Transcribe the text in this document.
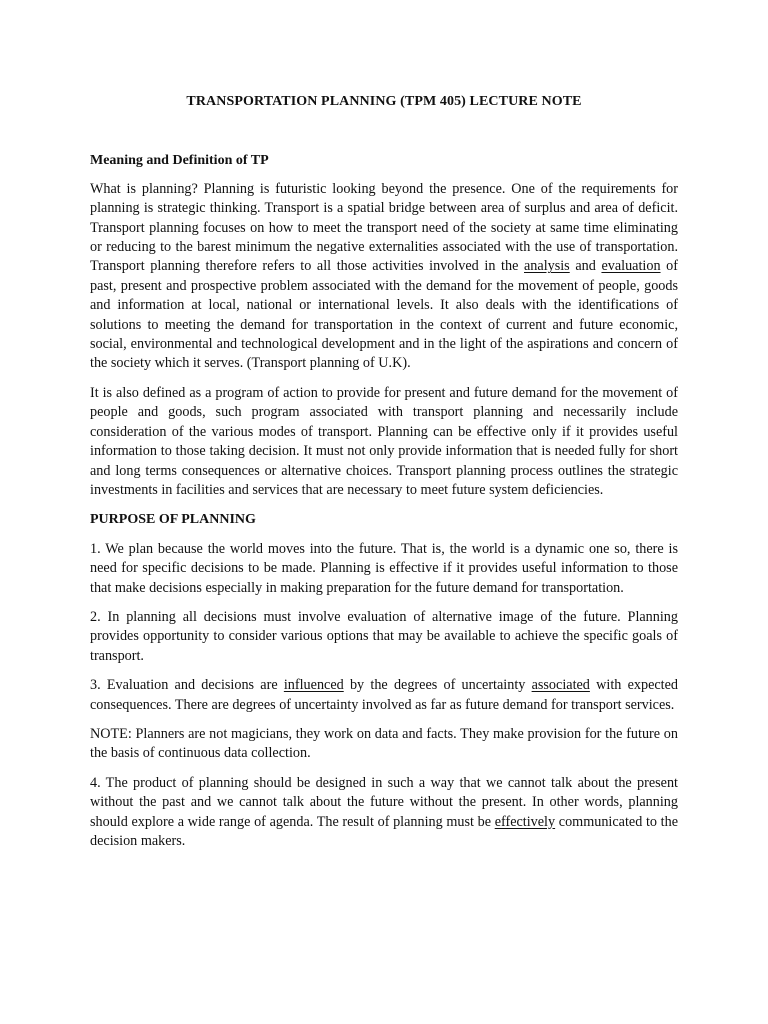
TRANSPORTATION PLANNING (TPM 405) LECTURE NOTE
Meaning and Definition of TP

What is planning? Planning is futuristic looking beyond the presence. One of the requirements for planning is strategic thinking. Transport is a spatial bridge between area of surplus and area of deficit. Transport planning focuses on how to meet the transport need of the society at same time eliminating or reducing to the barest minimum the negative externalities associated with the use of transportation. Transport planning therefore refers to all those activities involved in the analysis and evaluation of past, present and prospective problem associated with the demand for the movement of people, goods and information at local, national or international levels. It also deals with the identifications of solutions to meeting the demand for transportation in the context of current and future economic, social, environmental and technological development and in the light of the aspirations and concern of the society which it serves. (Transport planning of U.K).

It is also defined as a program of action to provide for present and future demand for the movement of people and goods, such program associated with transport planning and necessarily include consideration of the various modes of transport. Planning can be effective only if it provides useful information to those taking decision. It must not only provide information that is needed fully for short and long terms consequences or alternative choices. Transport planning process outlines the strategic investments in facilities and services that are necessary to meet future system deficiencies.

PURPOSE OF PLANNING

1. We plan because the world moves into the future. That is, the world is a dynamic one so, there is need for specific decisions to be made. Planning is effective if it provides useful information to those that make decisions especially in making preparation for the future demand for transportation.

2. In planning all decisions must involve evaluation of alternative image of the future. Planning provides opportunity to consider various options that may be available to achieve the specific goals of transport.

3. Evaluation and decisions are influenced by the degrees of uncertainty associated with expected consequences. There are degrees of uncertainty involved as far as future demand for transport services.

NOTE: Planners are not magicians, they work on data and facts. They make provision for the future on the basis of continuous data collection.

4. The product of planning should be designed in such a way that we cannot talk about the present without the past and we cannot talk about the future without the present. In other words, planning should explore a wide range of agenda. The result of planning must be effectively communicated to the decision makers.
